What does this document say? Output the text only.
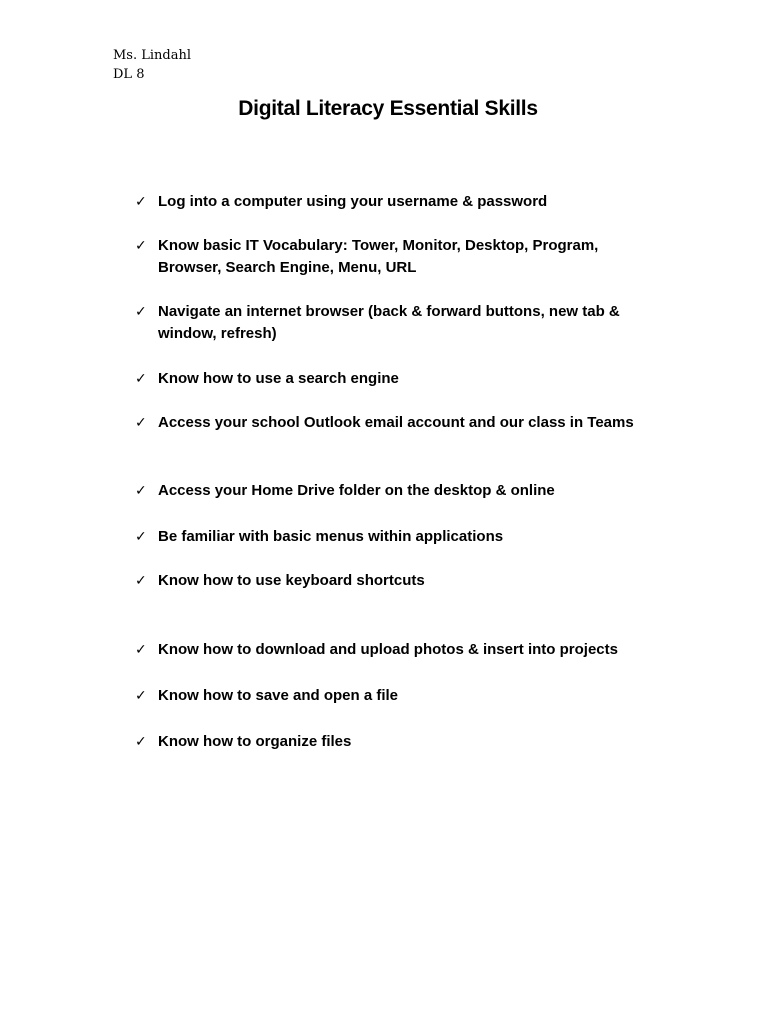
Ms. Lindahl
DL 8
Digital Literacy Essential Skills
✓ Log into a computer using your username & password
✓ Know basic IT Vocabulary: Tower, Monitor, Desktop, Program,
Browser, Search Engine, Menu, URL
✓ Navigate an internet browser (back & forward buttons, new tab &
window, refresh)
✓ Know how to use a search engine
✓ Access your school Outlook email account and our class in Teams
✓ Access your Home Drive folder on the desktop & online
✓ Be familiar with basic menus within applications
✓ Know how to use keyboard shortcuts
✓ Know how to download and upload photos & insert into projects
✓ Know how to save and open a file
✓ Know how to organize files
